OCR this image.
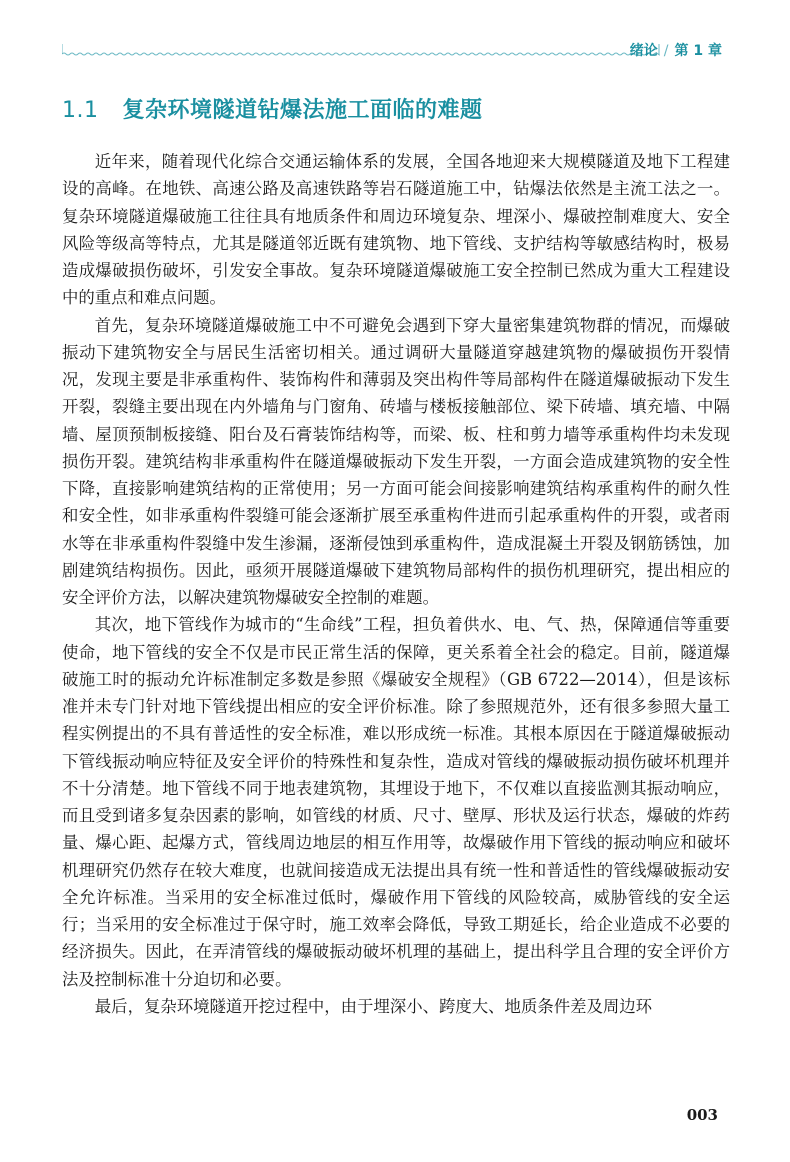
绪论 / 第 1 章
1.1 复杂环境隧道钻爆法施工面临的难题

近年来，随着现代化综合交通运输体系的发展，全国各地迎来大规模隧道及地下工程建设的高峰。在地铁、高速公路及高速铁路等岩石隧道施工中，钻爆法依然是主流工法之一。复杂环境隧道爆破施工往往具有地质条件和周边环境复杂、埋深小、爆破控制难度大、安全风险等级高等特点，尤其是隧道邻近既有建筑物、地下管线、支护结构等敏感结构时，极易造成爆破损伤破坏，引发安全事故。复杂环境隧道爆破施工安全控制已然成为重大工程建设中的重点和难点问题。

首先，复杂环境隧道爆破施工中不可避免会遇到下穿大量密集建筑物群的情况，而爆破振动下建筑物安全与居民生活密切相关。通过调研大量隧道穿越建筑物的爆破损伤开裂情况，发现主要是非承重构件、装饰构件和薄弱及突出构件等局部构件在隧道爆破振动下发生开裂，裂缝主要出现在内外墙角与门窗角、砖墙与楼板接触部位、梁下砖墙、填充墙、中隔墙、屋顶预制板接缝、阳台及石膏装饰结构等，而梁、板、柱和剪力墙等承重构件均未发现损伤开裂。建筑结构非承重构件在隧道爆破振动下发生开裂，一方面会造成建筑物的安全性下降，直接影响建筑结构的正常使用；另一方面可能会间接影响建筑结构承重构件的耐久性和安全性，如非承重构件裂缝可能会逐渐扩展至承重构件进而引起承重构件的开裂，或者雨水等在非承重构件裂缝中发生渗漏，逐渐侵蚀到承重构件，造成混凝土开裂及钢筋锈蚀，加剧建筑结构损伤。因此，亟须开展隧道爆破下建筑物局部构件的损伤机理研究，提出相应的安全评价方法，以解决建筑物爆破安全控制的难题。

其次，地下管线作为城市的“生命线”工程，担负着供水、电、气、热，保障通信等重要使命，地下管线的安全不仅是市民正常生活的保障，更关系着全社会的稳定。目前，隧道爆破施工时的振动允许标准制定多数是参照《爆破安全规程》（GB 6722—2014），但是该标准并未专门针对地下管线提出相应的安全评价标准。除了参照规范外，还有很多参照大量工程实例提出的不具有普适性的安全标准，难以形成统一标准。其根本原因在于隧道爆破振动下管线振动响应特征及安全评价的特殊性和复杂性，造成对管线的爆破振动损伤破坏机理并不十分清楚。地下管线不同于地表建筑物，其埋设于地下，不仅难以直接监测其振动响应，而且受到诸多复杂因素的影响，如管线的材质、尺寸、壁厚、形状及运行状态，爆破的炸药量、爆心距、起爆方式，管线周边地层的相互作用等，故爆破作用下管线的振动响应和破坏机理研究仍然存在较大难度，也就间接造成无法提出具有统一性和普适性的管线爆破振动安全允许标准。当采用的安全标准过低时，爆破作用下管线的风险较高，威胁管线的安全运行；当采用的安全标准过于保守时，施工效率会降低，导致工期延长，给企业造成不必要的经济损失。因此，在弄清管线的爆破振动破坏机理的基础上，提出科学且合理的安全评价方法及控制标准十分迫切和必要。

最后，复杂环境隧道开挖过程中，由于埋深小、跨度大、地质条件差及周边环

003
